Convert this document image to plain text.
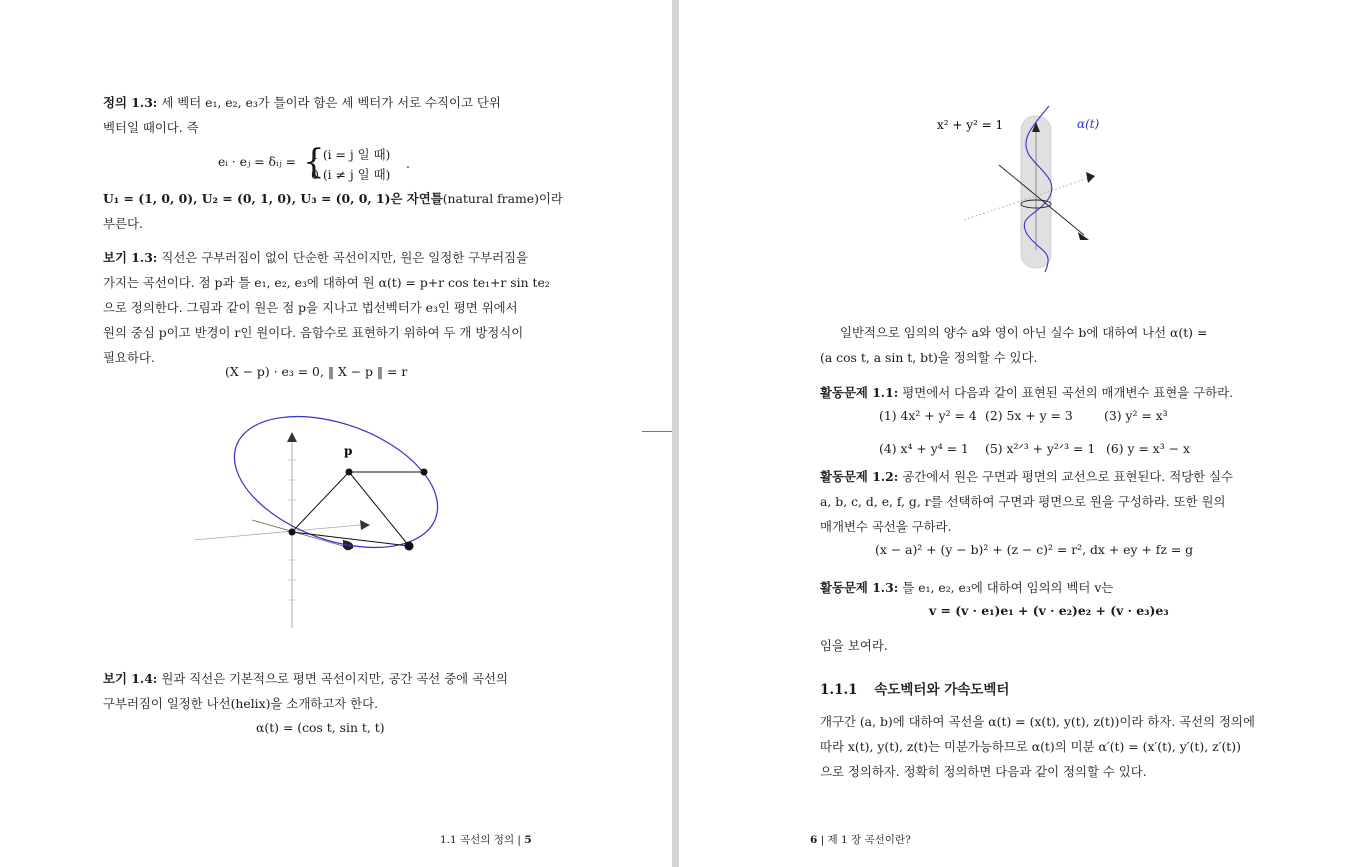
정의 1.3: 세 벡터 e₁, e₂, e₃가 틀이라 함은 세 벡터가 서로 수직이고 단위
벡터일 때이다. 즉
eᵢ · eⱼ = δᵢⱼ = {
1 (i = j 일 때)
0 (i ≠ j 일 때)
.
U₁ = (1, 0, 0), U₂ = (0, 1, 0), U₃ = (0, 0, 1)은 자연틀(natural frame)이라
부른다.
보기 1.3: 직선은 구부러짐이 없이 단순한 곡선이지만, 원은 일정한 구부러짐을
가지는 곡선이다. 점 p과 틀 e₁, e₂, e₃에 대하여 원 α(t) = p+r cos te₁+r sin te₂
으로 정의한다. 그림과 같이 원은 점 p을 지나고 법선벡터가 e₃인 평면 위에서
원의 중심 p이고 반경이 r인 원이다. 음함수로 표현하기 위하여 두 개 방정식이
필요하다.
(X − p) · e₃ = 0, ‖ X − p ‖ = r
p
보기 1.4: 원과 직선은 기본적으로 평면 곡선이지만, 공간 곡선 중에 곡선의
구부러짐이 일정한 나선(helix)을 소개하고자 한다.
α(t) = (cos t, sin t, t)
1.1 곡선의 정의 | 5
x² + y² = 1	α(t)
일반적으로 임의의 양수 a와 영이 아닌 실수 b에 대하여 나선 α(t) =
(a cos t, a sin t, bt)을 정의할 수 있다.
활동문제 1.1: 평면에서 다음과 같이 표현된 곡선의 매개변수 표현을 구하라.
(1) 4x² + y² = 4 (2) 5x + y = 3	(3) y² = x³
(4) x⁴ + y⁴ = 1 (5) x²ᐟ³ + y²ᐟ³ = 1 (6) y = x³ − x
활동문제 1.2: 공간에서 원은 구면과 평면의 교선으로 표현된다. 적당한 실수
a, b, c, d, e, f, g, r를 선택하여 구면과 평면으로 원을 구성하라. 또한 원의
매개변수 곡선을 구하라.
(x − a)² + (y − b)² + (z − c)² = r², dx + ey + fz = g
활동문제 1.3: 틀 e₁, e₂, e₃에 대하여 임의의 벡터 v는
v = (v · e₁)e₁ + (v · e₂)e₂ + (v · e₃)e₃
임을 보여라.
1.1.1 속도벡터와 가속도벡터
개구간 (a, b)에 대하여 곡선을 α(t) = (x(t), y(t), z(t))이라 하자. 곡선의 정의에
따라 x(t), y(t), z(t)는 미분가능하므로 α(t)의 미분 α′(t) = (x′(t), y′(t), z′(t))
으로 정의하자. 정확히 정의하면 다음과 같이 정의할 수 있다.
6 | 제 1 장 곡선이란?
